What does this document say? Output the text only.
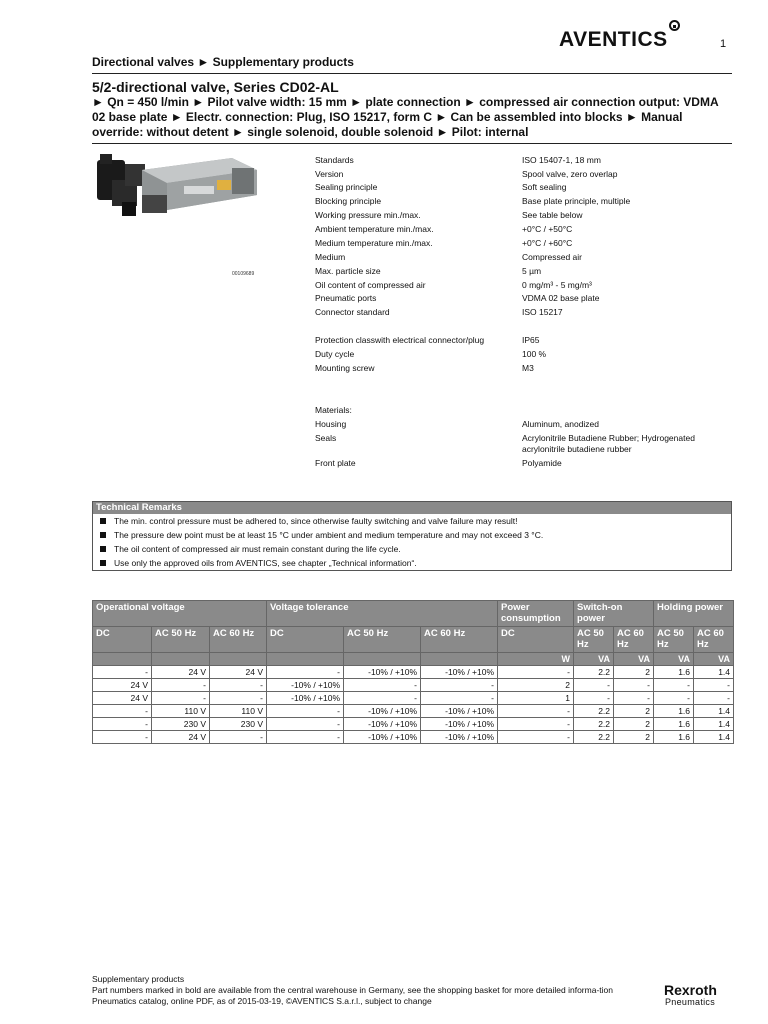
AVENTICS	1
Directional valves ► Supplementary products
5/2-directional valve, Series CD02-AL
► Qn = 450 l/min ► Pilot valve width: 15 mm ► plate connection ► compressed air connection output: VDMA 02 base plate ► Electr. connection: Plug, ISO 15217, form C ► Can be assembled into blocks ► Manual override: without detent ► single solenoid, double solenoid ► Pilot: internal
00109689
Standards	ISO 15407-1, 18 mm
Version	Spool valve, zero overlap
Sealing principle	Soft sealing
Blocking principle	Base plate principle, multiple
Working pressure min./max.	See table below
Ambient temperature min./max.	+0°C / +50°C
Medium temperature min./max.	+0°C / +60°C
Medium	Compressed air
Max. particle size	5 µm
Oil content of compressed air	0 mg/m³ - 5 mg/m³
Pneumatic ports	VDMA 02 base plate
Connector standard	ISO 15217
Protection classwith electrical connector/plug	IP65
Duty cycle	100 %
Mounting screw	M3
Materials:
Housing	Aluminum, anodized
Seals	Acrylonitrile Butadiene Rubber; Hydrogenated acrylonitrile butadiene rubber
Front plate	Polyamide
Technical Remarks
The min. control pressure must be adhered to, since otherwise faulty switching and valve failure may result!
The pressure dew point must be at least 15 °C under ambient and medium temperature and may not exceed 3 °C.
The oil content of compressed air must remain constant during the life cycle.
Use only the approved oils from AVENTICS, see chapter „Technical information“.
Operational voltage			Voltage tolerance			Power consumption	Switch-on power		Holding power	
DC	AC 50 Hz	AC 60 Hz	DC	AC 50 Hz	AC 60 Hz	DC	AC 50 Hz	AC 60 Hz	AC 50 Hz	AC 60 Hz
						W	VA	VA	VA	VA
-	24 V	24 V	-	-10% / +10%	-10% / +10%	-	2.2	2	1.6	1.4
24 V	-	-	-10% / +10%	-	-	2	-	-	-	-
24 V	-	-	-10% / +10%	-	-	1	-	-	-	-
-	110 V	110 V	-	-10% / +10%	-10% / +10%	-	2.2	2	1.6	1.4
-	230 V	230 V	-	-10% / +10%	-10% / +10%	-	2.2	2	1.6	1.4
-	24 V	-	-	-10% / +10%	-10% / +10%	-	2.2	2	1.6	1.4
Supplementary products
Part numbers marked in bold are available from the central warehouse in Germany, see the shopping basket for more detailed informa-tion
Pneumatics catalog, online PDF, as of 2015-03-19, ©AVENTICS S.a.r.l., subject to change
Rexroth
Pneumatics
